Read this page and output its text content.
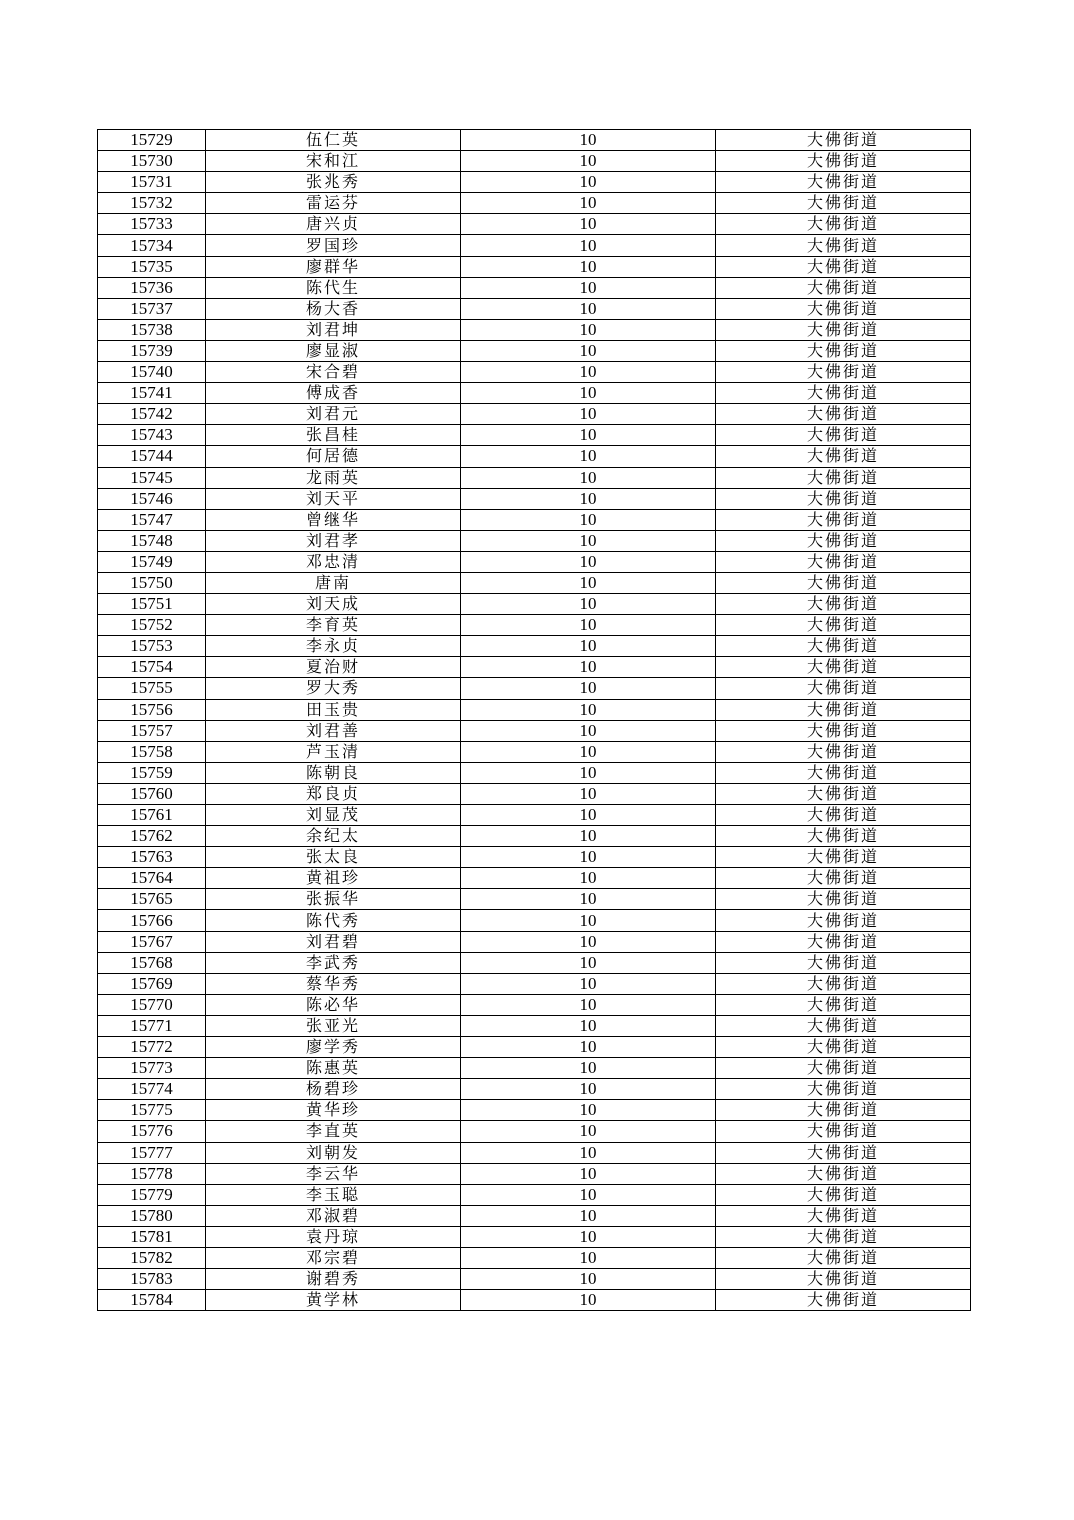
15729	伍仁英	10	大佛街道
15730	宋和江	10	大佛街道
15731	张兆秀	10	大佛街道
15732	雷运芬	10	大佛街道
15733	唐兴贞	10	大佛街道
15734	罗国珍	10	大佛街道
15735	廖群华	10	大佛街道
15736	陈代生	10	大佛街道
15737	杨大香	10	大佛街道
15738	刘君坤	10	大佛街道
15739	廖显淑	10	大佛街道
15740	宋合碧	10	大佛街道
15741	傅成香	10	大佛街道
15742	刘君元	10	大佛街道
15743	张昌桂	10	大佛街道
15744	何居德	10	大佛街道
15745	龙雨英	10	大佛街道
15746	刘天平	10	大佛街道
15747	曾继华	10	大佛街道
15748	刘君孝	10	大佛街道
15749	邓忠清	10	大佛街道
15750	唐南	10	大佛街道
15751	刘天成	10	大佛街道
15752	李育英	10	大佛街道
15753	李永贞	10	大佛街道
15754	夏治财	10	大佛街道
15755	罗大秀	10	大佛街道
15756	田玉贵	10	大佛街道
15757	刘君善	10	大佛街道
15758	芦玉清	10	大佛街道
15759	陈朝良	10	大佛街道
15760	郑良贞	10	大佛街道
15761	刘显茂	10	大佛街道
15762	余纪太	10	大佛街道
15763	张太良	10	大佛街道
15764	黄祖珍	10	大佛街道
15765	张振华	10	大佛街道
15766	陈代秀	10	大佛街道
15767	刘君碧	10	大佛街道
15768	李武秀	10	大佛街道
15769	蔡华秀	10	大佛街道
15770	陈必华	10	大佛街道
15771	张亚光	10	大佛街道
15772	廖学秀	10	大佛街道
15773	陈惠英	10	大佛街道
15774	杨碧珍	10	大佛街道
15775	黄华珍	10	大佛街道
15776	李直英	10	大佛街道
15777	刘朝发	10	大佛街道
15778	李云华	10	大佛街道
15779	李玉聪	10	大佛街道
15780	邓淑碧	10	大佛街道
15781	袁丹琼	10	大佛街道
15782	邓宗碧	10	大佛街道
15783	谢碧秀	10	大佛街道
15784	黄学林	10	大佛街道
